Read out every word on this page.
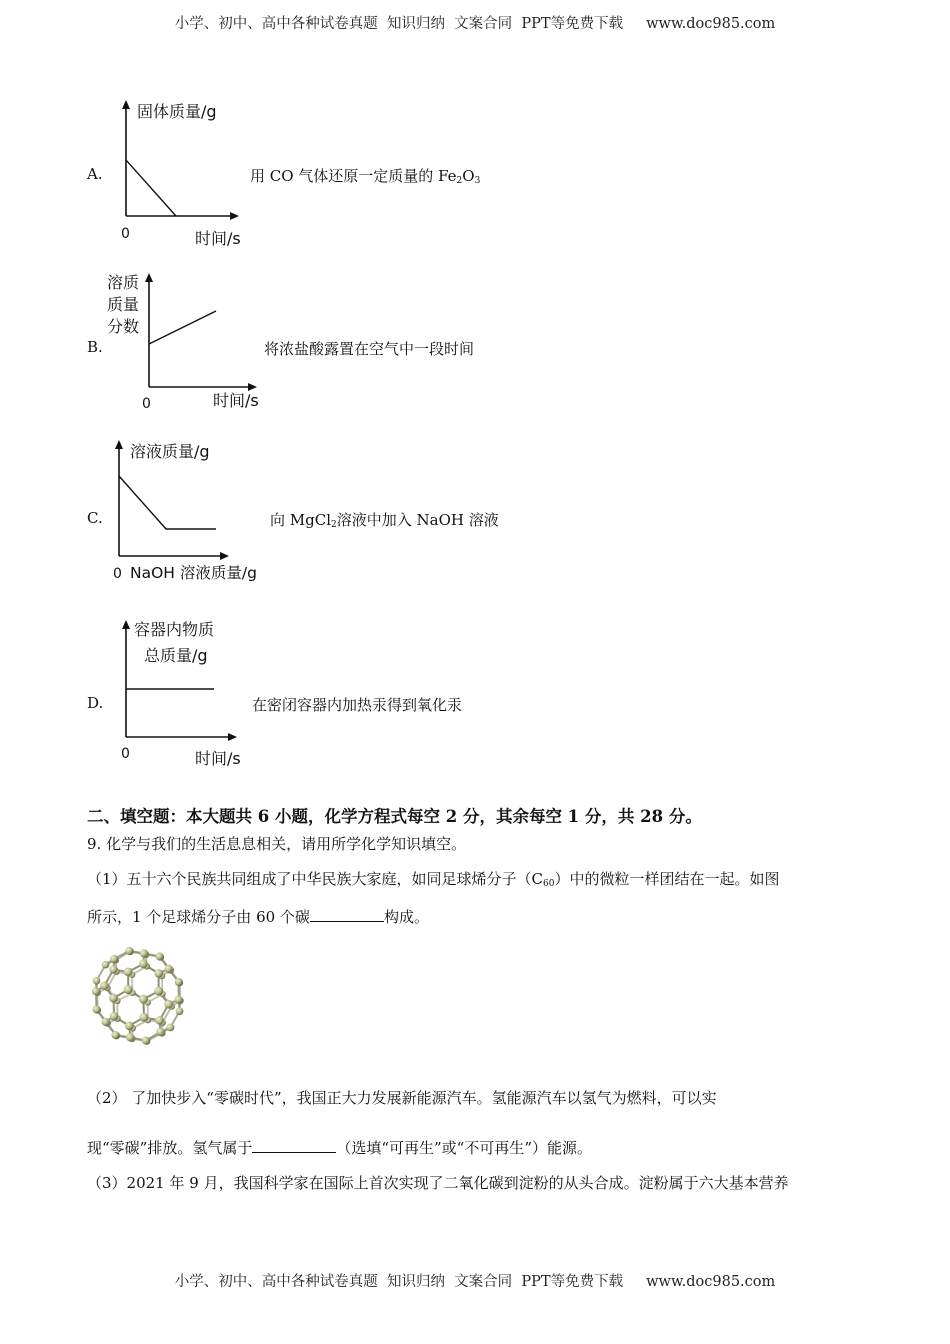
小学、初中、高中各种试卷真题  知识归纳  文案合同  PPT等免费下载     www.doc985.com
A.
固体质量/g
0	时间/s
用 CO 气体还原一定质量的 $Fe_2O_3$
B.
溶质
质量
分数
0	时间/s
将浓盐酸露置在空气中一段时间
C.
溶液质量/g
0 NaOH 溶液质量/g
向 MgCl$_2$溶液中加入 NaOH 溶液
D.
容器内物质
总质量/g
0	时间/s
在密闭容器内加热汞得到氧化汞
二、填空题：本大题共 6 小题，化学方程式每空 2 分，其余每空 1 分，共 28 分。
9. 化学与我们的生活息息相关，请用所学化学知识填空。
（1）五十六个民族共同组成了中华民族大家庭，如同足球烯分子$(C_{60})$中的微粒一样团结在一起。如图
所示，1 个足球烯分子由 60 个碳	构成。
（2） 了加快步入“零碳时代”，我国正大力发展新能源汽车。氢能源汽车以氢气为燃料，可以实
现“零碳”排放。氢气属于	（选填“可再生”或“不可再生”）能源。
（3）2021 年 9 月，我国科学家在国际上首次实现了二氧化碳到淀粉的从头合成。淀粉属于六大基本营养
小学、初中、高中各种试卷真题  知识归纳  文案合同  PPT等免费下载     www.doc985.com
